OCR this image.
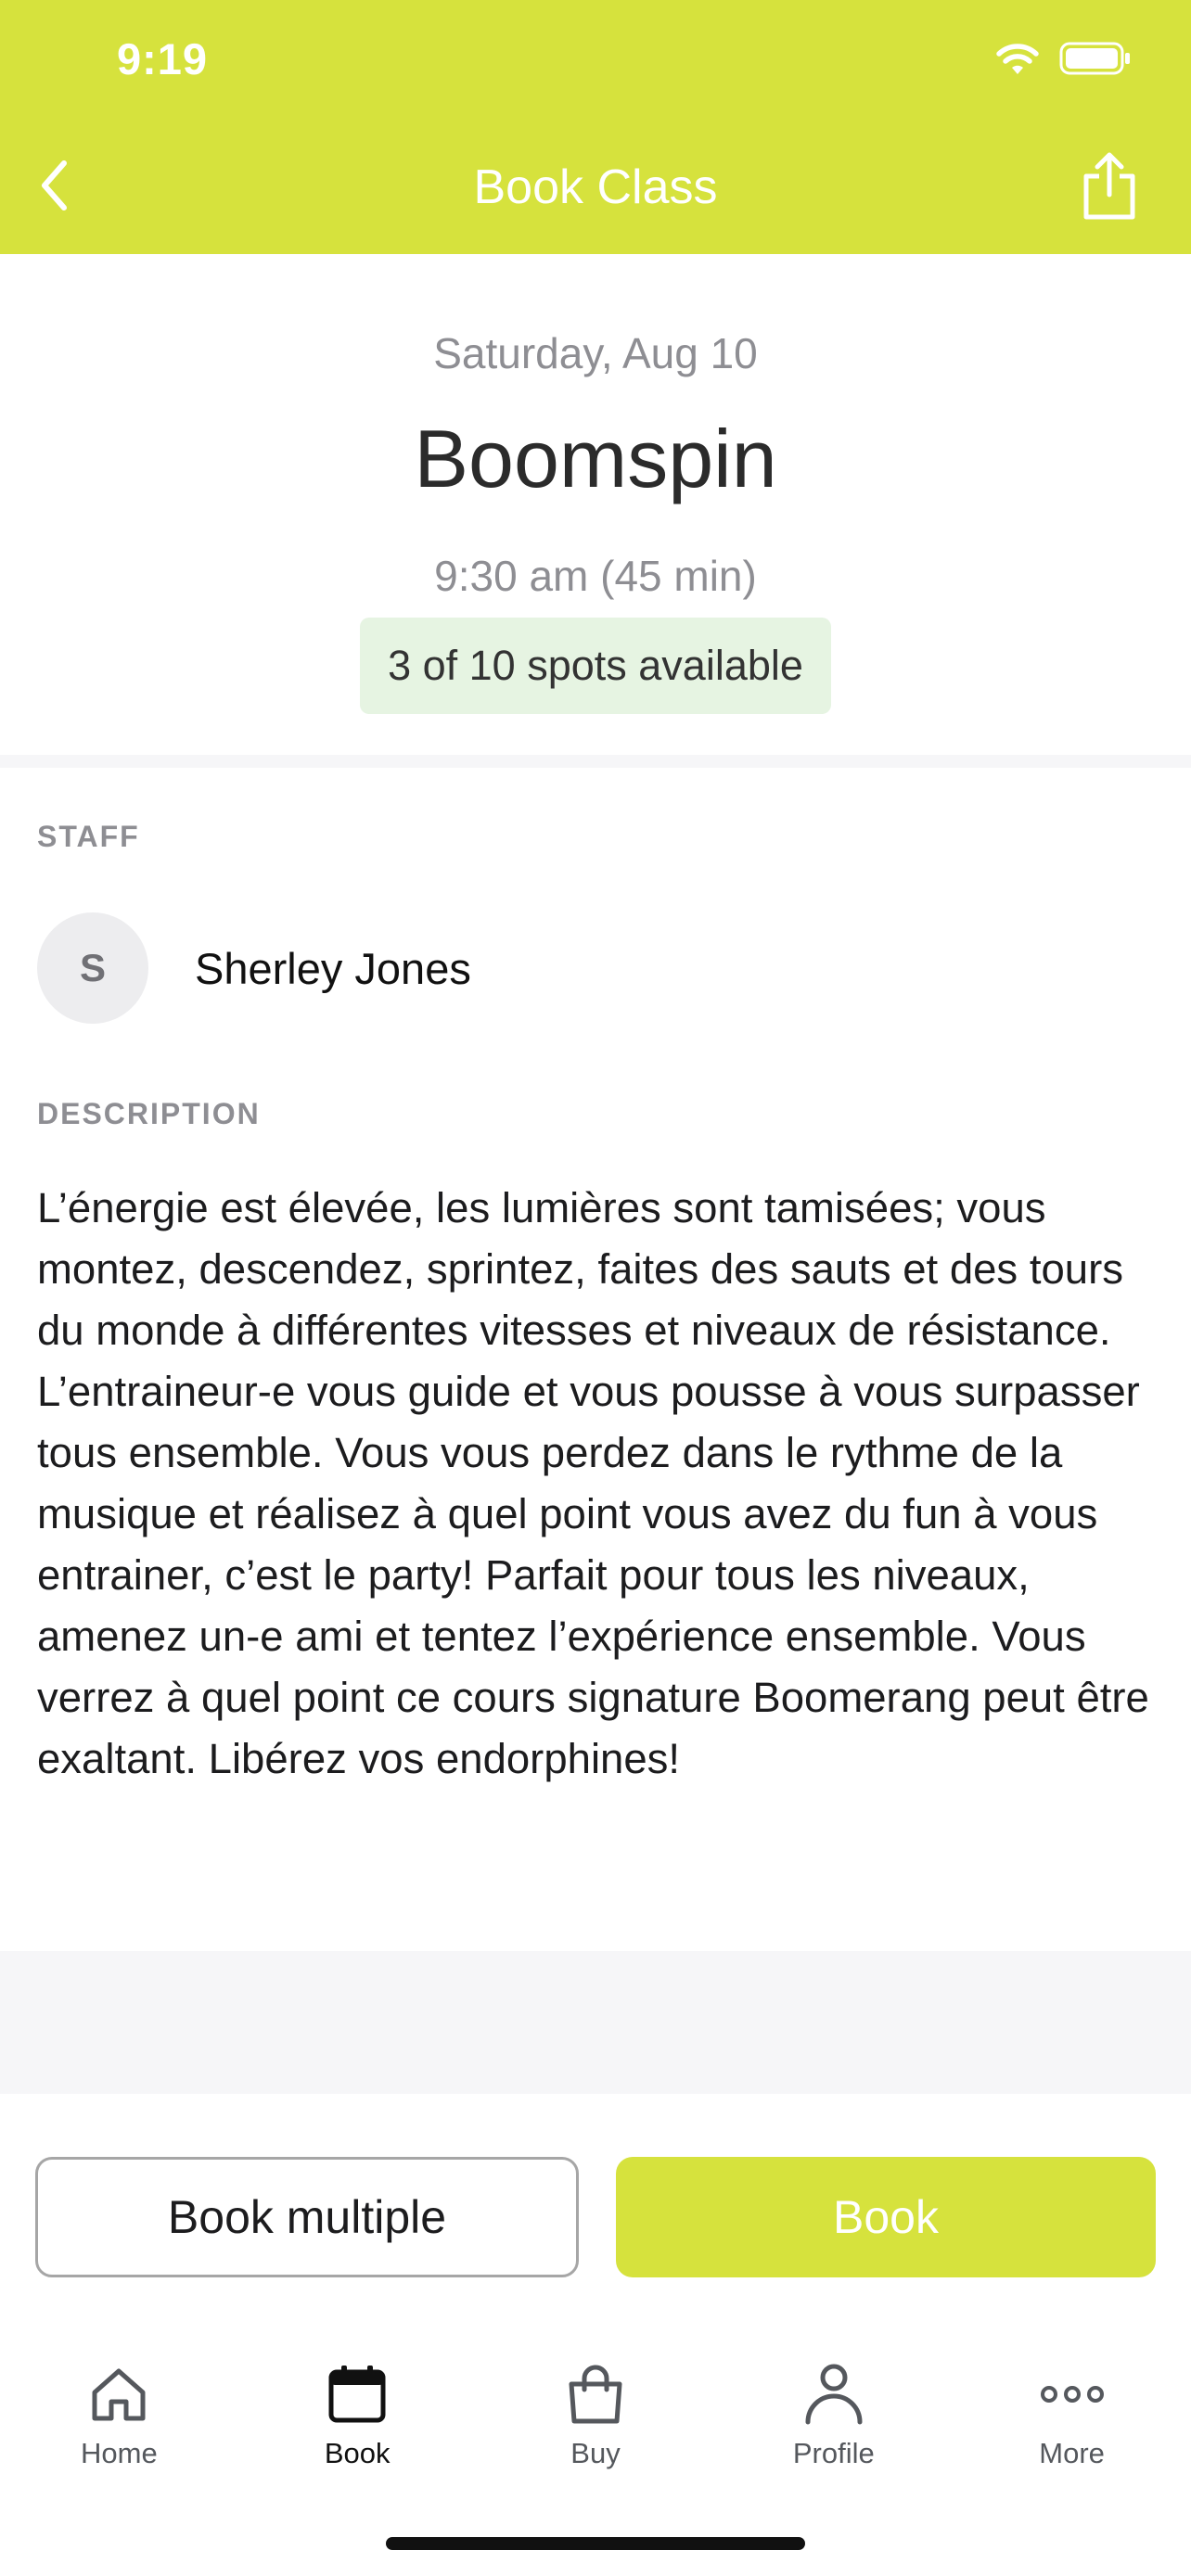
9:19
Book Class
Saturday, Aug 10
Boomspin
9:30 am (45 min)
3 of 10 spots available
STAFF
S	Sherley Jones
DESCRIPTION
L’énergie est élevée, les lumières sont tamisées; vous montez, descendez, sprintez, faites des sauts et des tours du monde à différentes vitesses et niveaux de résistance. L’entraineur-e vous guide et vous pousse à vous surpasser tous ensemble. Vous vous perdez dans le rythme de la musique et réalisez à quel point vous avez du fun à vous entrainer, c’est le party! Parfait pour tous les niveaux, amenez un-e ami et tentez l’expérience ensemble. Vous verrez à quel point ce cours signature Boomerang peut être exaltant. Libérez vos endorphines!
Book multiple	Book
Home	Book	Buy	Profile	More
